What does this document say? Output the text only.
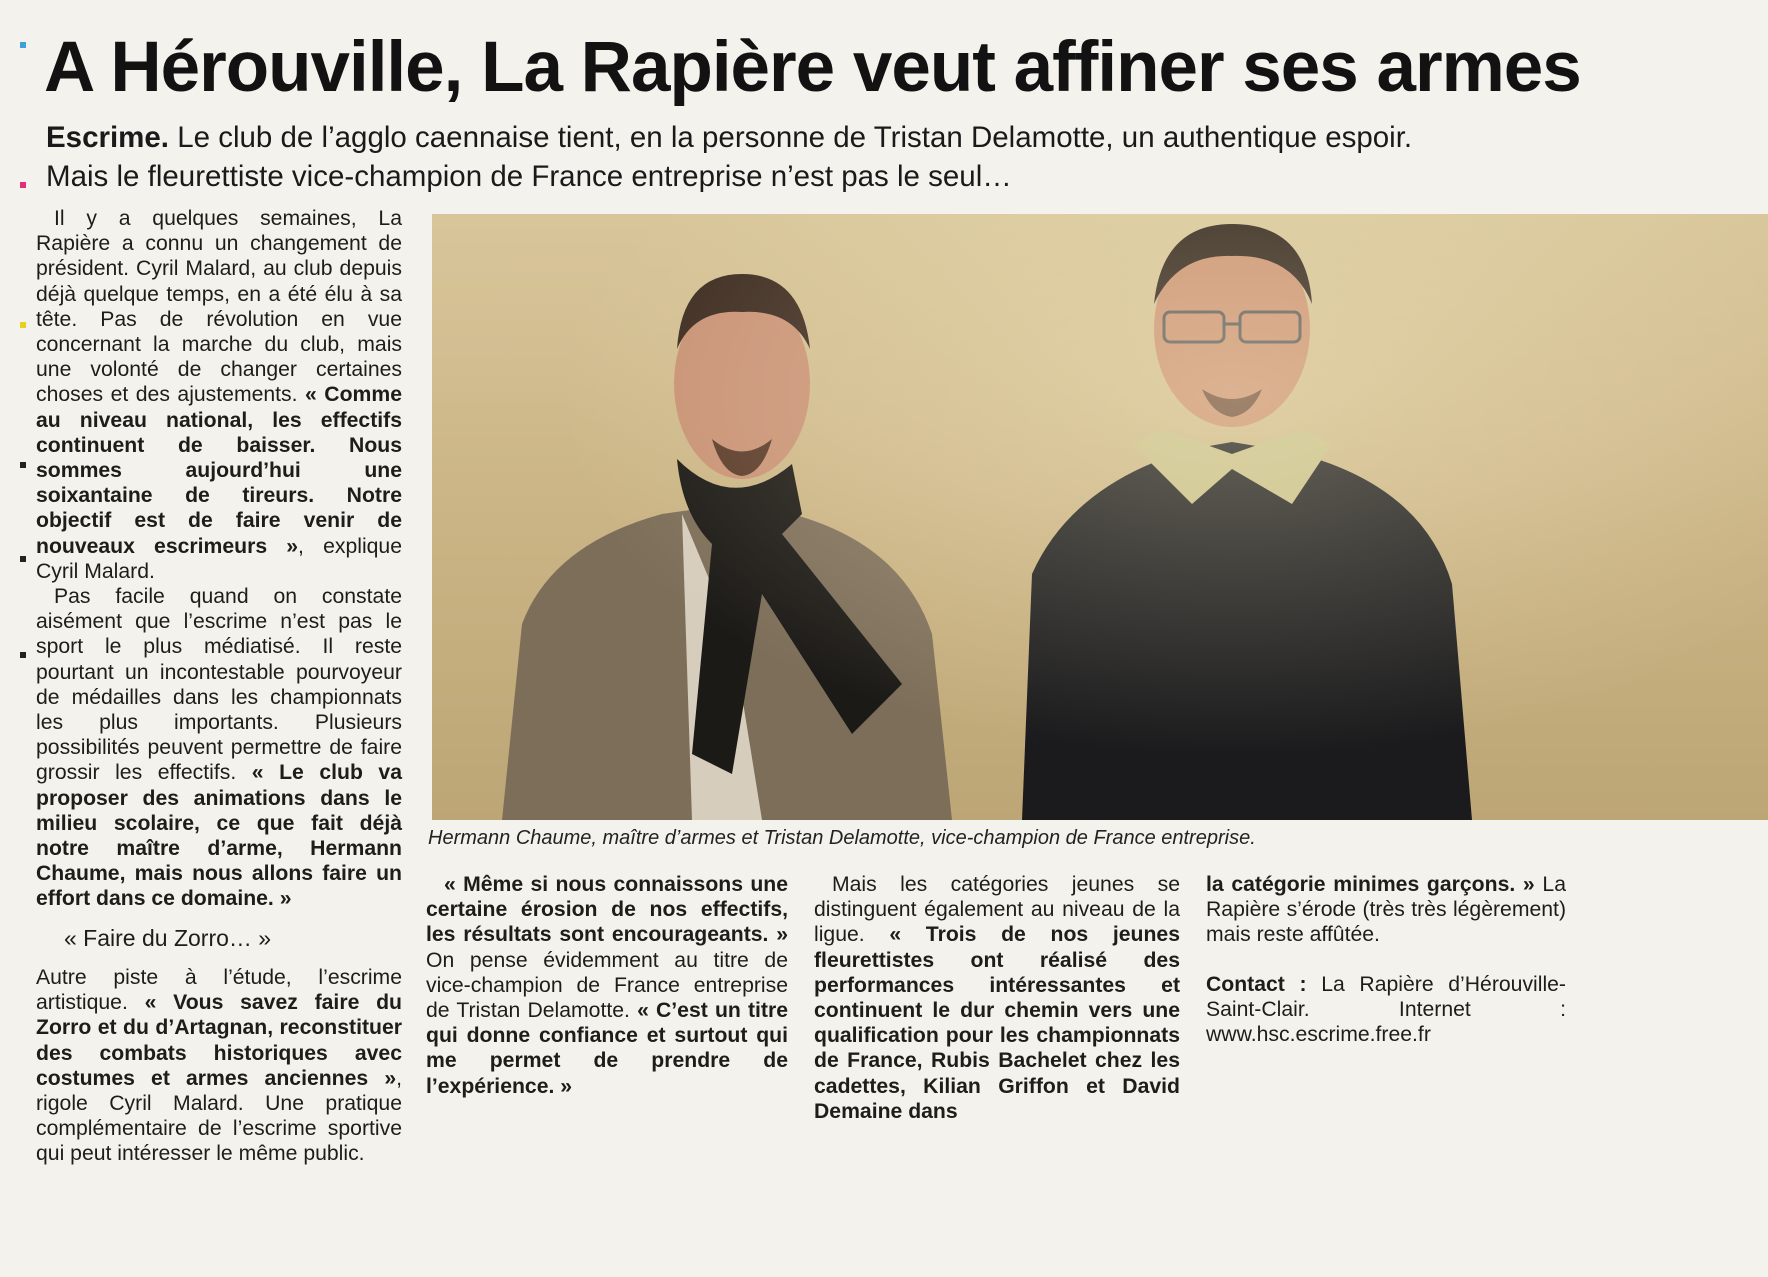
A Hérouville, La Rapière veut affiner ses armes
Escrime. Le club de l’agglo caennaise tient, en la personne de Tristan Delamotte, un authentique espoir.
Mais le fleurettiste vice-champion de France entreprise n’est pas le seul…

Il y a quelques semaines, La Rapière a connu un changement de président. Cyril Malard, au club depuis déjà quelque temps, en a été élu à sa tête. Pas de révolution en vue concernant la marche du club, mais une volonté de changer certaines choses et des ajustements. « Comme au niveau national, les effectifs continuent de baisser. Nous sommes aujourd’hui une soixantaine de tireurs. Notre objectif est de faire venir de nouveaux escrimeurs », explique Cyril Malard.

Pas facile quand on constate aisément que l’escrime n’est pas le sport le plus médiatisé. Il reste pourtant un incontestable pourvoyeur de médailles dans les championnats les plus importants. Plusieurs possibilités peuvent permettre de faire grossir les effectifs. « Le club va proposer des animations dans le milieu scolaire, ce que fait déjà notre maître d’arme, Hermann Chaume, mais nous allons faire un effort dans ce domaine. »

« Faire du Zorro… »

Autre piste à l’étude, l’escrime artistique. « Vous savez faire du Zorro et du d’Artagnan, reconstituer des combats historiques avec costumes et armes anciennes », rigole Cyril Malard. Une pratique complémentaire de l’escrime sportive qui peut intéresser le même public.

Hermann Chaume, maître d’armes et Tristan Delamotte, vice-champion de France entreprise.

« Même si nous connaissons une certaine érosion de nos effectifs, les résultats sont encourageants. » On pense évidemment au titre de vice-champion de France entreprise de Tristan Delamotte. « C’est un titre qui donne confiance et surtout qui me permet de prendre de l’expérience. »

Mais les catégories jeunes se distinguent également au niveau de la ligue. « Trois de nos jeunes fleurettistes ont réalisé des performances intéressantes et continuent le dur chemin vers une qualification pour les championnats de France, Rubis Bachelet chez les cadettes, Kilian Griffon et David Demaine dans

la catégorie minimes garçons. » La Rapière s’érode (très très légèrement) mais reste affûtée.

Contact : La Rapière d’Hérouville-Saint-Clair. Internet : www.hsc.escrime.free.fr
